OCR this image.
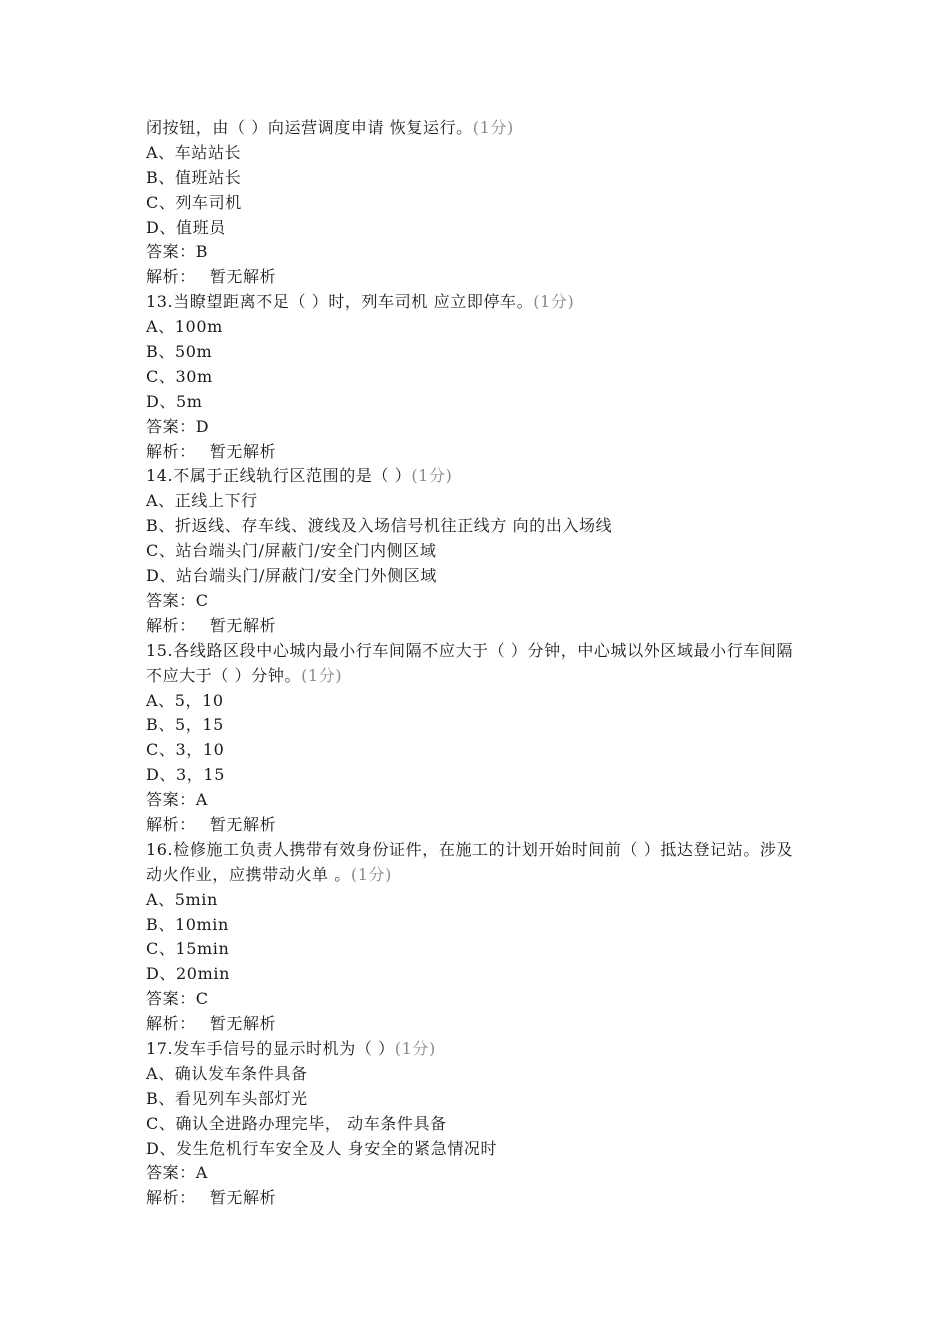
闭按钮，由（ ）向运营调度申请 恢复运行。(1分)
A、车站站长
B、值班站长
C、列车司机
D、值班员
答案：B
解析： 暂无解析
13.当瞭望距离不足（ ）时，列车司机 应立即停车。(1分)
A、100m
B、50m
C、30m
D、5m
答案：D
解析： 暂无解析
14.不属于正线轨行区范围的是（ ）(1分)
A、正线上下行
B、折返线、存车线、渡线及入场信号机往正线方 向的出入场线
C、站台端头门/屏蔽门/安全门内侧区域
D、站台端头门/屏蔽门/安全门外侧区域
答案：C
解析： 暂无解析
15.各线路区段中心城内最小行车间隔不应大于（ ）分钟，中心城以外区域最小行车间隔不应大于（ ）分钟。(1分)
A、5，10
B、5，15
C、3，10
D、3，15
答案：A
解析： 暂无解析
16.检修施工负责人携带有效身份证件，在施工的计划开始时间前（ ）抵达登记站。涉及动火作业，应携带动火单 。(1分)
A、5min
B、10min
C、15min
D、20min
答案：C
解析： 暂无解析
17.发车手信号的显示时机为（ ）(1分)
A、确认发车条件具备
B、看见列车头部灯光
C、确认全进路办理完毕， 动车条件具备
D、发生危机行车安全及人 身安全的紧急情况时
答案：A
解析： 暂无解析
